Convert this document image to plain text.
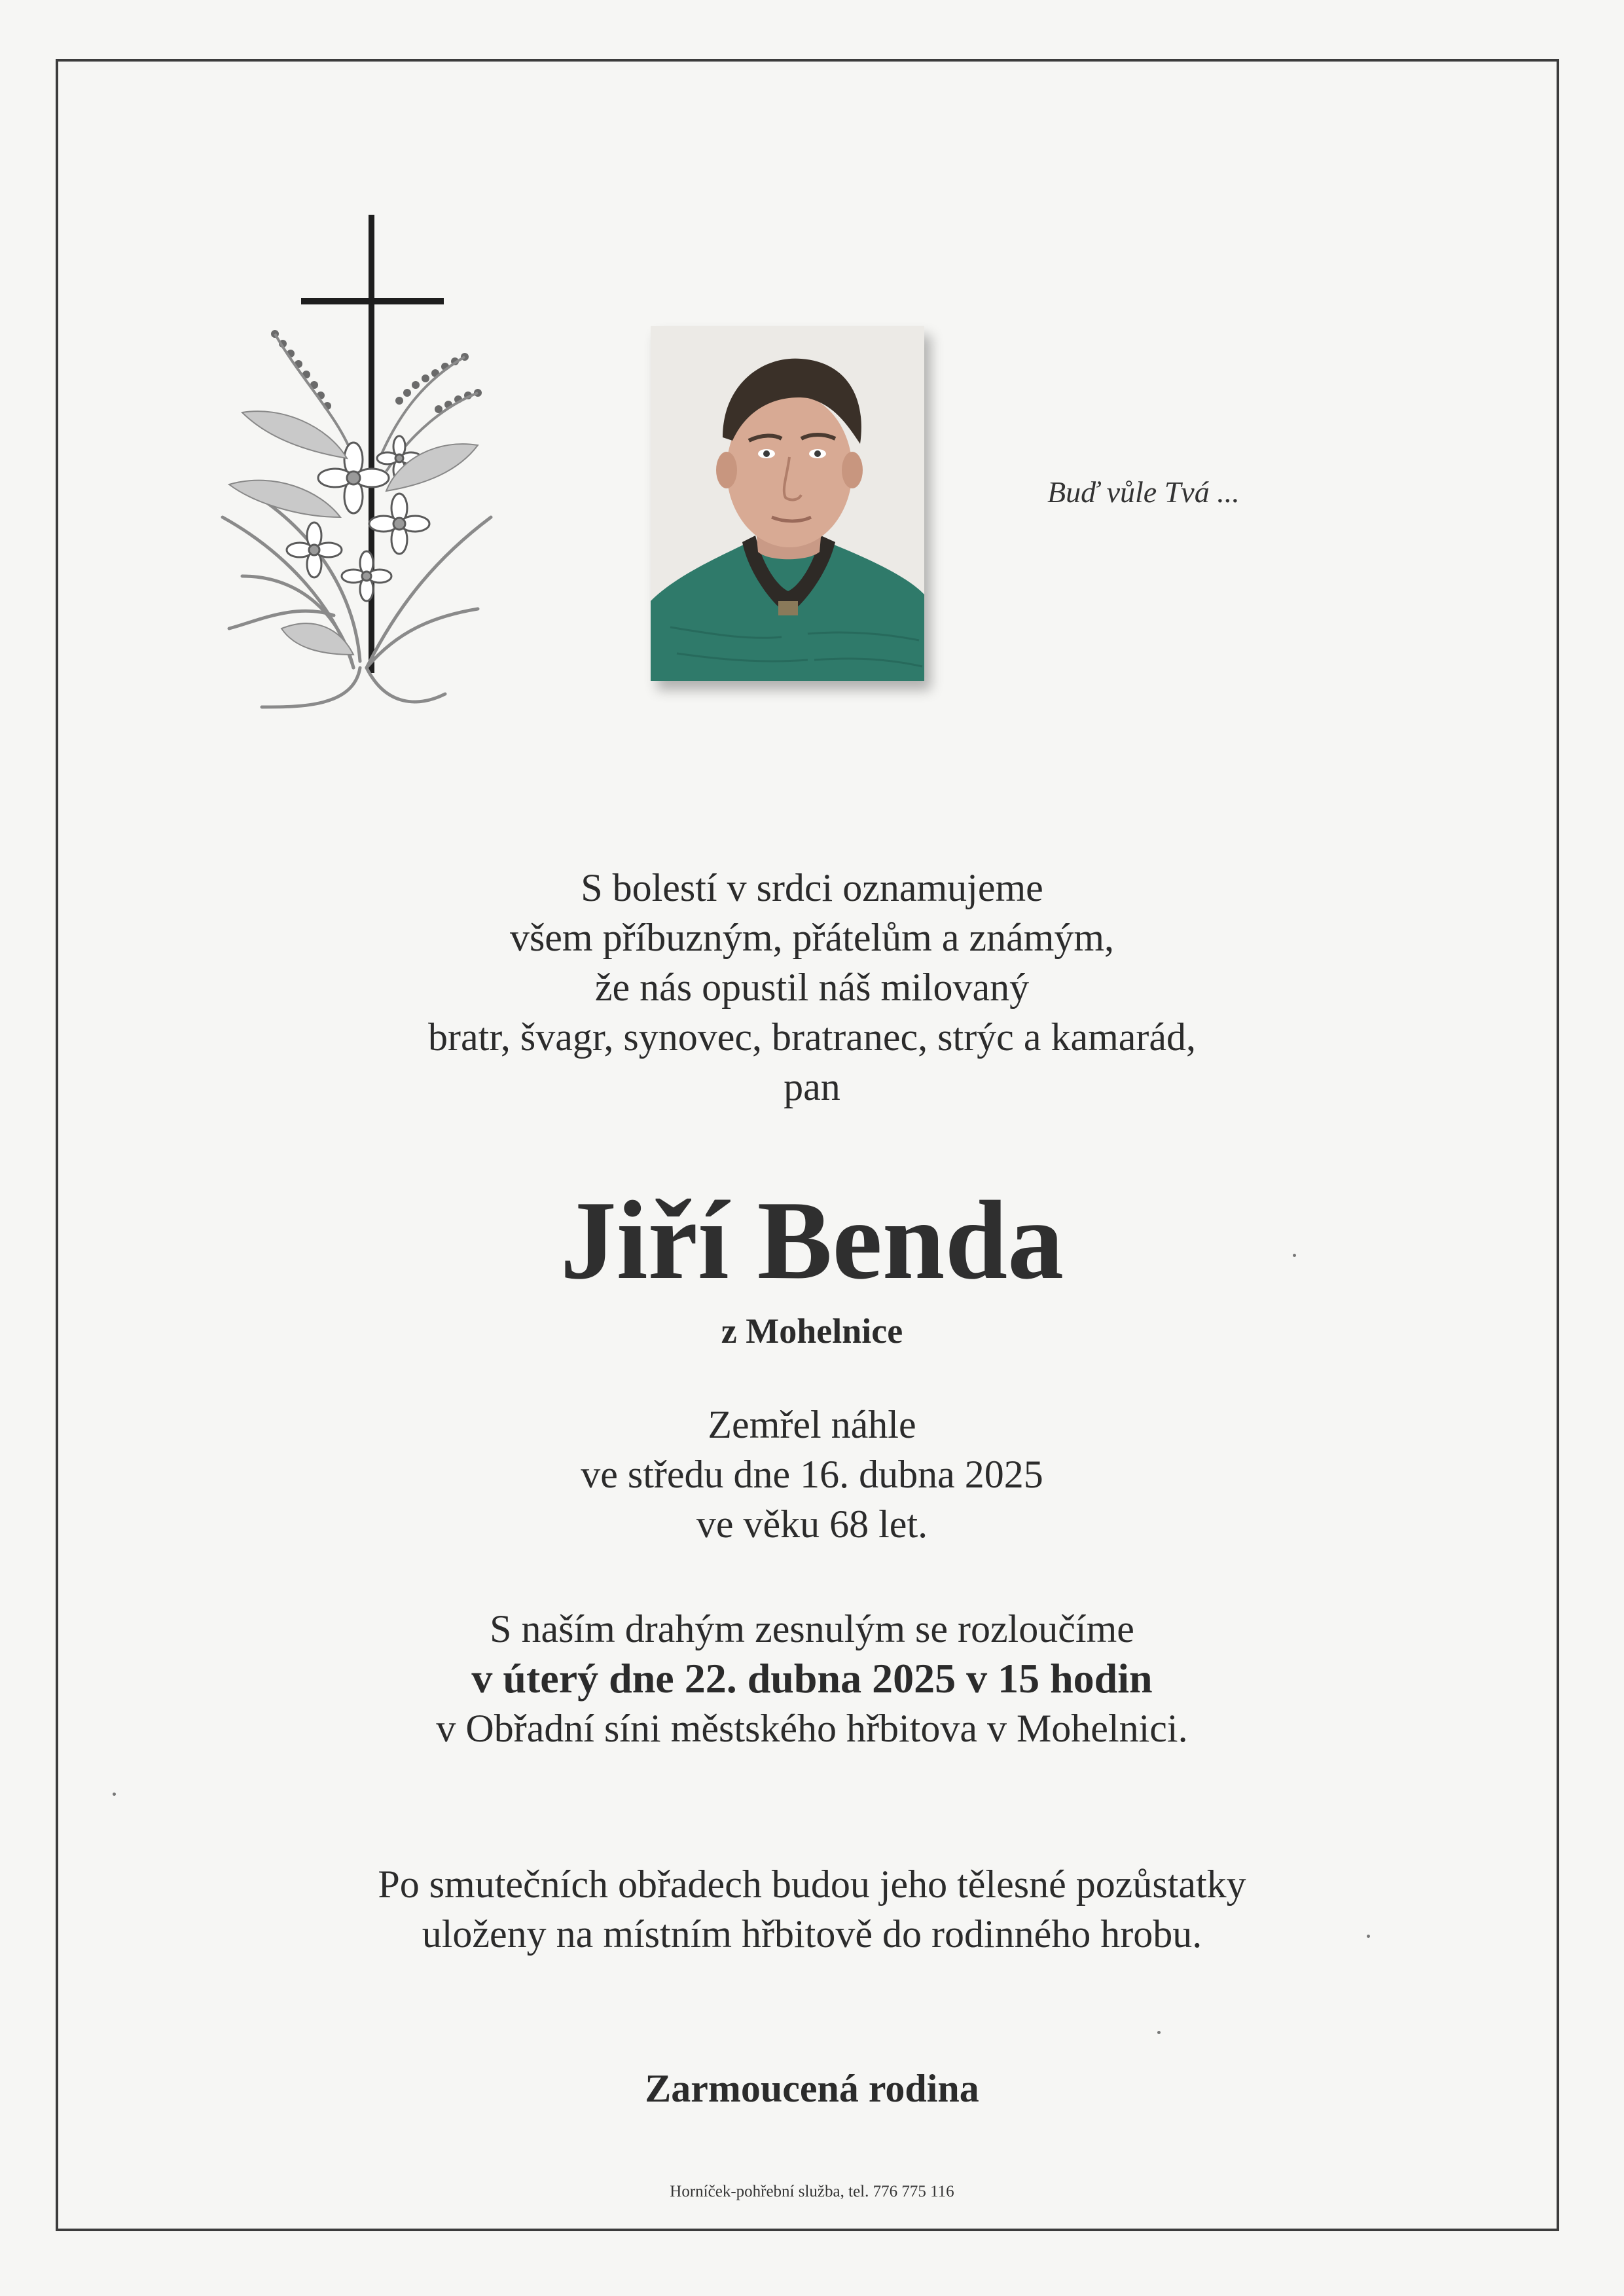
Buď vůle Tvá ...
S bolestí v srdci oznamujeme
všem příbuzným, přátelům a známým,
že nás opustil náš milovaný
bratr, švagr, synovec, bratranec, strýc a kamarád,
pan
Jiří Benda
z Mohelnice
Zemřel náhle
ve středu dne 16. dubna 2025
ve věku 68 let.
S naším drahým zesnulým se rozloučíme
v úterý dne 22. dubna 2025 v 15 hodin
v Obřadní síni městského hřbitova v Mohelnici.
Po smutečních obřadech budou jeho tělesné pozůstatky
uloženy na místním hřbitově do rodinného hrobu.
Zarmoucená rodina
Horníček-pohřební služba, tel. 776 775 116
